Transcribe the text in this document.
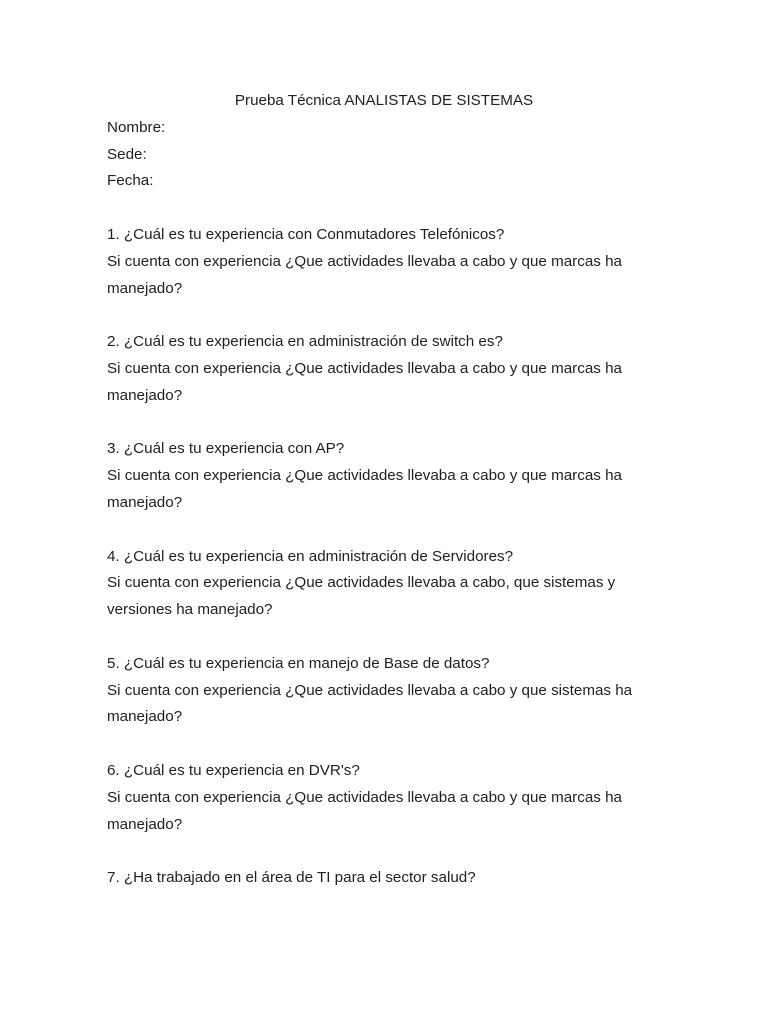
Prueba Técnica ANALISTAS DE SISTEMAS

Nombre:

Sede:

Fecha:

1. ¿Cuál es tu experiencia con Conmutadores Telefónicos?

Si cuenta con experiencia ¿Que actividades llevaba a cabo y que marcas ha manejado?

2. ¿Cuál es tu experiencia en administración de switch es?

Si cuenta con experiencia ¿Que actividades llevaba a cabo y que marcas ha manejado?

3. ¿Cuál es tu experiencia con AP?

Si cuenta con experiencia ¿Que actividades llevaba a cabo y que marcas ha manejado?

4. ¿Cuál es tu experiencia en administración de Servidores?

Si cuenta con experiencia ¿Que actividades llevaba a cabo, que sistemas y versiones ha manejado?

5. ¿Cuál es tu experiencia en manejo de Base de datos?

Si cuenta con experiencia ¿Que actividades llevaba a cabo y que sistemas ha manejado?

6. ¿Cuál es tu experiencia en DVR's?

Si cuenta con experiencia ¿Que actividades llevaba a cabo y que marcas ha manejado?

7. ¿Ha trabajado en el área de TI para el sector salud?
